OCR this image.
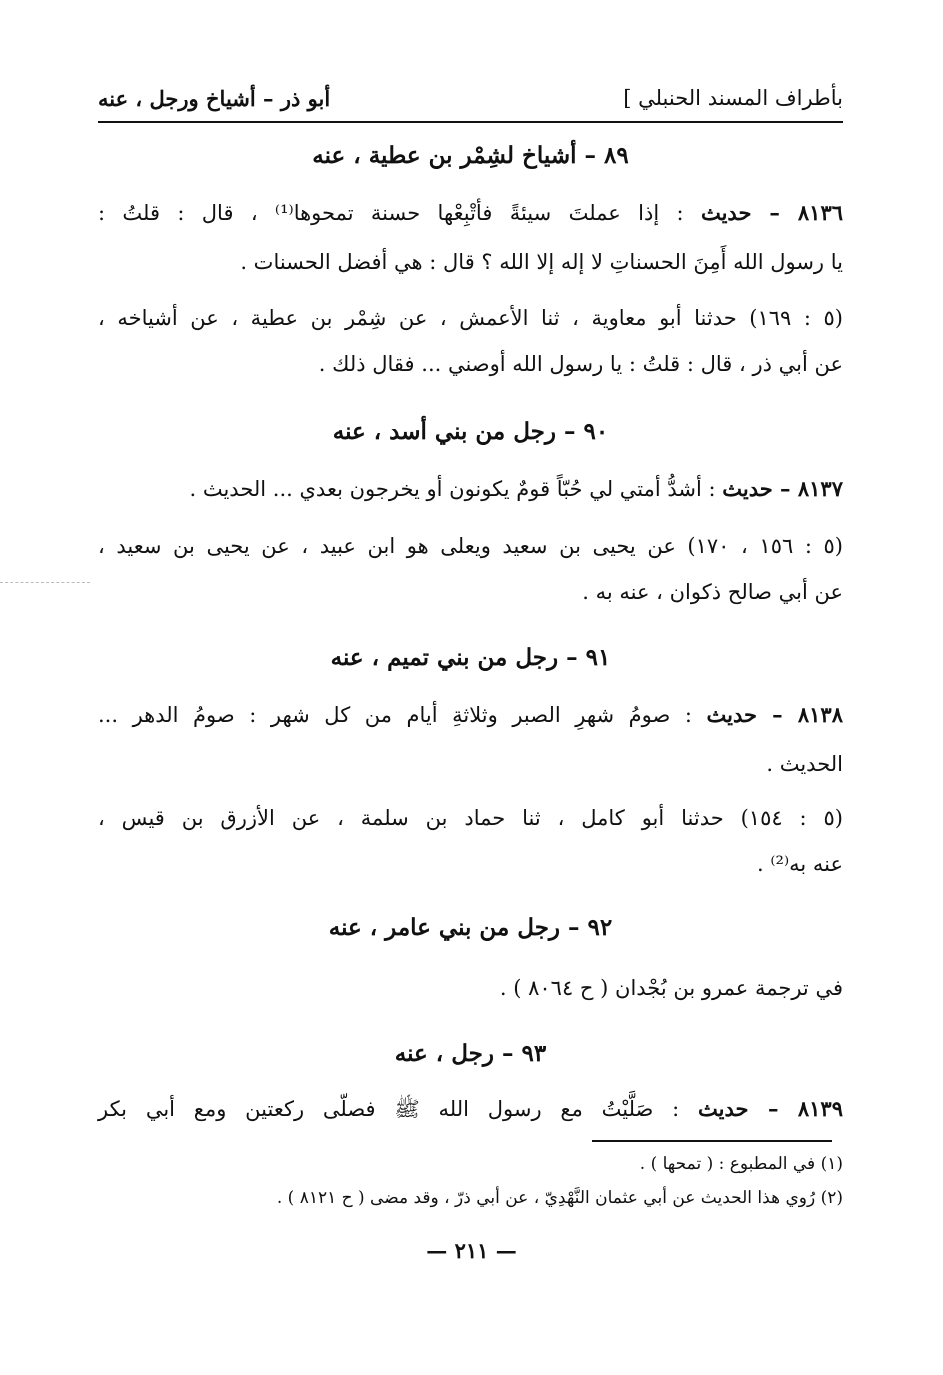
بأطراف المسند الحنبلي ]
أبو ذر – أشياخ ورجل ، عنه
٨٩ – أشياخ لشِمْر بن عطية ، عنه
٨١٣٦ – حديث : إذا عملتَ سيئةً فأتْبِعْها حسنة تمحوها⁽¹⁾ ، قال : قلتُ :
يا رسول الله أَمِنَ الحسناتِ لا إله إلا الله ؟ قال : هي أفضل الحسنات .
(٥ : ١٦٩) حدثنا أبو معاوية ، ثنا الأعمش ، عن شِمْر بن عطية ، عن أشياخه ،
عن أبي ذر ، قال : قلتُ : يا رسول الله أوصني ... فقال ذلك .
٩٠ – رجل من بني أسد ، عنه
٨١٣٧ – حديث : أشدُّ أمتي لي حُبّاً قومٌ يكونون أو يخرجون بعدي ... الحديث .
(٥ : ١٥٦ ، ١٧٠) عن يحيى بن سعيد ويعلى هو ابن عبيد ، عن يحيى بن سعيد ،
عن أبي صالح ذكوان ، عنه به .
٩١ – رجل من بني تميم ، عنه
٨١٣٨ – حديث : صومُ شهرِ الصبر وثلاثةِ أيام من كل شهر : صومُ الدهر ...
الحديث .
(٥ : ١٥٤) حدثنا أبو كامل ، ثنا حماد بن سلمة ، عن الأزرق بن قيس ،
عنه به⁽²⁾ .
٩٢ – رجل من بني عامر ، عنه
في ترجمة عمرو بن بُجْدان ( ح ٨٠٦٤ ) .
٩٣ – رجل ، عنه
٨١٣٩ – حديث : صَلَّيْتُ مع رسول الله ﷺ فصلّى ركعتين ومع أبي بكر
(١) في المطبوع : ( تمحها ) .
(٢) رُوي هذا الحديث عن أبي عثمان النَّهْدِيّ ، عن أبي ذرّ ، وقد مضى ( ح ٨١٢١ ) .
— ٢١١ —
